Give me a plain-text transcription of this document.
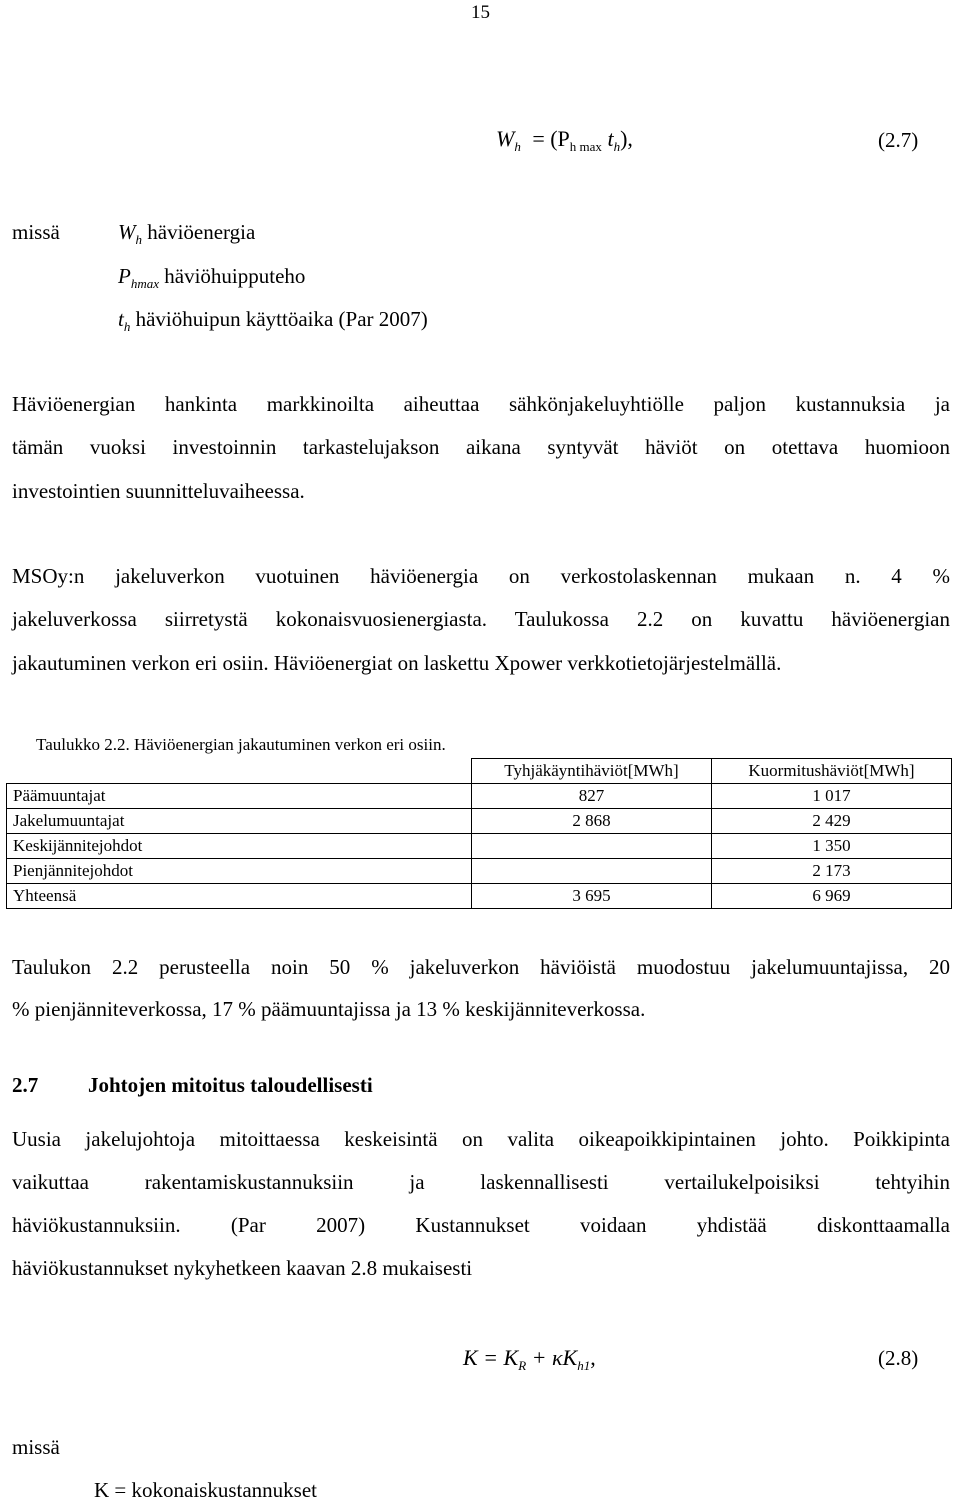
15
$W_h = (P_{h max}$ $t_h$),	(2.7)
missä	$W_h$ häviöenergia
$P_{hmax}$ häviöhuipputeho
$t_h$ häviöhuipun käyttöaika (Par 2007)
Häviöenergian hankinta markkinoilta aiheuttaa sähkönjakeluyhtiölle paljon kustannuksia ja
tämän vuoksi investoinnin tarkastelujakson aikana syntyvät häviöt on otettava huomioon
investointien suunnitteluvaiheessa.
MSOy:n jakeluverkon vuotuinen häviöenergia on verkostolaskennan mukaan n. 4 %
jakeluverkossa siirretystä kokonaisvuosienergiasta. Taulukossa 2.2 on kuvattu häviöenergian
jakautuminen verkon eri osiin. Häviöenergiat on laskettu Xpower verkkotietojärjestelmällä.
Taulukko 2.2. Häviöenergian jakautuminen verkon eri osiin.
	Tyhjäkäyntihäviöt[MWh]	Kuormitushäviöt[MWh]
Päämuuntajat	827	1 017
Jakelumuuntajat	2 868	2 429
Keskijännitejohdot		1 350
Pienjännitejohdot		2 173
Yhteensä	3 695	6 969
Taulukon 2.2 perusteella noin 50 % jakeluverkon häviöistä muodostuu jakelumuuntajissa, 20
% pienjänniteverkossa, 17 % päämuuntajissa ja 13 % keskijänniteverkossa.
2.7 Johtojen mitoitus taloudellisesti
Uusia jakelujohtoja mitoittaessa keskeisintä on valita oikeapoikkipintainen johto. Poikkipinta
vaikuttaa rakentamiskustannuksiin ja laskennallisesti vertailukelpoisiksi tehtyihin
häviökustannuksiin. (Par 2007) Kustannukset voidaan yhdistää diskonttaamalla
häviökustannukset nykyhetkeen kaavan 2.8 mukaisesti
$K = K_R + \kappa K_{h1}$,	(2.8)
missä
K = kokonaiskustannukset
